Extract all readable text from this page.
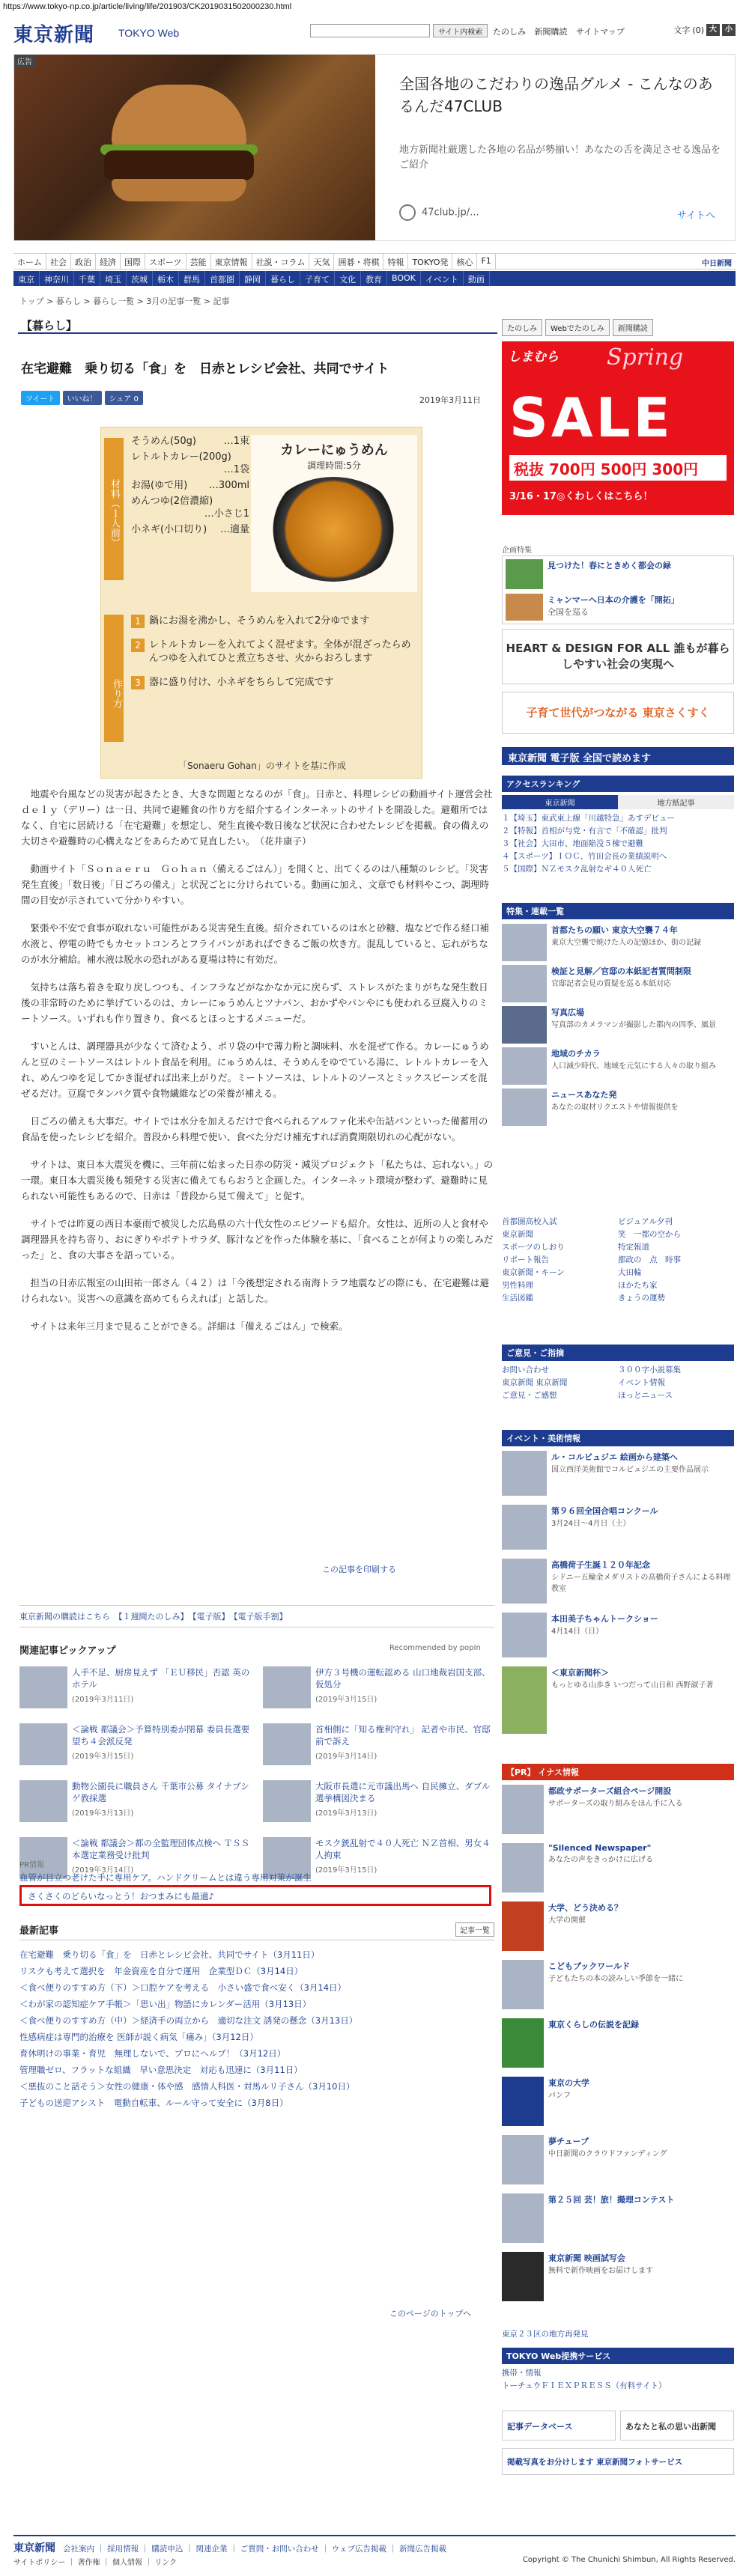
https://www.tokyo-np.co.jp/article/living/life/201903/CK2019031502000230.html
東京新聞 TOKYO Web	サイト内検索	たのしみ 新聞購読 サイトマップ	文字 (0) 大	小
広告
全国各地のこだわりの逸品グルメ - こんなのあるんだ47CLUB
地方新聞社厳選した各地の名品が勢揃い！あなたの舌を満足させる逸品をご紹介
47club.jp/...	サイトへ
ホーム	社会	政治	経済	国際	スポーツ	芸能	東京情報	社説・コラム	天気	囲碁・将棋	特報	TOKYO発	核心	F1	中日新聞
東京	神奈川	千葉	埼玉	茨城	栃木	群馬	首都圏	静岡	暮らし	子育て	文化	教育	BOOK	イベント	動画
トップ > 暮らし > 暮らし一覧 > 3月の記事一覧 > 記事
【暮らし】	たのしみ	Webでたのしみ	新聞購読
在宅避難　乗り切る「食」を　日赤とレシピ会社、共同でサイト
ツイート	いいね！	シェア 0	2019年3月11日
材料（１人前）
そうめん(50g)	…1束
レトルトカレー(200g)
…1袋
お湯(ゆで用) …300ml
めんつゆ(2倍濃縮)
…小さじ1
小ネギ(小口切り) …適量
カレーにゅうめん
調理時間:5分
作り方
1 鍋にお湯を沸かし、そうめんを入れて2分ゆでます
2 レトルトカレーを入れてよく混ぜます。全体が混ざったらめんつゆを入れてひと煮立ちさせ、火からおろします
3 器に盛り付け、小ネギをちらして完成です
「Sonaeru Gohan」のサイトを基に作成

地震や台風などの災害が起きたとき、大きな問題となるのが「食」。日赤と、料理レシピの動画サイト運営会社ｄｅｌｙ（デリー）は一日、共同で避難食の作り方を紹介するインターネットのサイトを開設した。避難所ではなく、自宅に居続ける「在宅避難」を想定し、発生直後や数日後など状況に合わせたレシピを掲載。食の備えの大切さや避難時の心構えなどをあらためて見直したい。　（花井康子）

動画サイト「Ｓｏｎａｅｒｕ　Ｇｏｈａｎ（備えるごはん）」を開くと、出てくるのは八種類のレシピ。「災害発生直後」「数日後」「日ごろの備え」と状況ごとに分けられている。動画に加え、文章でも材料やこつ、調理時間の目安が示されていて分かりやすい。

緊張や不安で食事が取れない可能性がある災害発生直後。紹介されているのは水と砂糖、塩などで作る経口補水液と、停電の時でもカセットコンろとフライパンがあればできるご飯の炊き方。混乱していると、忘れがちなのが水分補給。補水液は脱水の恐れがある夏場は特に有効だ。

気持ちは落ち着きを取り戻しつつも、インフラなどがなかなか元に戻らず、ストレスがたまりがちな発生数日後の非常時のために挙げているのは、カレーにゅうめんとツナパン、おかずやパンやにも使われる豆腐入りのミートソース。いずれも作り置きり、食べるとほっとするメニューだ。

すいとんは、調理器具が少なくて済むよう、ポリ袋の中で薄力粉と調味料、水を混ぜて作る。カレーにゅうめんと豆のミートソースはレトルト食品を利用。にゅうめんは、そうめんをゆでている湯に、レトルトカレーを入れ、めんつゆを足してかき混ぜれば出来上がりだ。ミートソースは、レトルトのソースとミックスビーンズを混ぜるだけ。豆腐でタンパク質や食物繊維などの栄養が補える。

日ごろの備えも大事だ。サイトでは水分を加えるだけで食べられるアルファ化米や缶詰パンといった備蓄用の食品を使ったレシピを紹介。普段から料理で使い、食べた分だけ補充すれば消費期限切れの心配がない。

サイトは、東日本大震災を機に、三年前に始まった日赤の防災・減災プロジェクト「私たちは、忘れない。」の一環。東日本大震災後も頻発する災害に備えてもらおうと企画した。インターネット環境が整わず、避難時に見られない可能性もあるので、日赤は「普段から見て備えて」と促す。

サイトでは昨夏の西日本豪雨で被災した広島県の六十代女性のエピソードも紹介。女性は、近所の人と食材や調理器具を持ち寄り、おにぎりやポテトサラダ、豚汁などを作った体験を基に、「食べることが何よりの楽しみだった」と、食の大事さを語っている。

担当の日赤広報室の山田祐一郎さん（４２）は「今後想定される南海トラフ地震などの際にも、在宅避難は避けられない。災害への意識を高めてもらえれば」と話した。

サイトは来年三月まで見ることができる。詳細は「備えるごはん」で検索。

この記事を印刷する
東京新聞の購読はこちら　【１週間たのしみ】　【電子版】　【電子版手割】
関連記事ピックアップ	Recommended by popIn
人手不足、厨房見えず 「ＥＵ移民」否認 英のホテル
(2019年3月11日)
伊方３号機の運転認める 山口地裁岩国支部、仮処分
(2019年3月15日)
＜論戦 都議会＞予算特別委が閉幕 委員長選要望ち４会派反発
(2019年3月15日)
首相側に「知る権利守れ」 記者や市民、官邸前で訴え
(2019年3月14日)
動物公園長に職員さん 千葉市公募 タイナプシゲ教採選
(2019年3月13日)
大阪市長選に元市議出馬へ 自民擁立、ダブル選挙構図決まる
(2019年3月13日)
＜論戦 都議会＞都の全監理団体点検へ ＴＳＳ本選定業務受け批判
(2019年3月14日)
モスク銃乱射で４０人死亡 ＮＺ首相、男女４人拘束
(2019年3月15日)
PR情報
血管が目立つ老けた手に専用ケア。ハンドクリームとは違う専用対策が誕生
さくさくのどらいなっとう！おつまみにも最適♪
最新記事	記事一覧
在宅避難　乗り切る「食」を　日赤とレシピ会社、共同でサイト（3月11日）
リスクも考えて選択を　年金資産を自分で運用　企業型ＤＣ（3月14日）
＜食べ便りのすすめ方（下）＞口腔ケアを考える　小さい盛で食べ安く（3月14日）
＜わが家の認知症ケア手帳＞「思い出」物語にカレンダー活用（3月13日）
＜食べ便りのすすめ方（中）＞経済手の両立から　適切な注文 誘発の懸念（3月13日）
性感病症は専門的治療を 医師が説く病気「痛み」（3月12日）
育休明けの事業・育児　無理しないで、プロにヘルプ！（3月12日）
管理職ゼロ、フラットな組織　早い意思決定　対応も迅速に（3月11日）
＜悪抜のこと話そう＞女性の健康・体や感　感情人科医・対馬ルリ子さん（3月10日）
子どもの送迎アシスト　電動自転車、ルール守って安全に（3月8日）
このページのトップへ
しまむら Spring
SALE
税抜 700円 500円 300円
3/16・17◎くわしくはこちら！
企画特集
見つけた！春にときめく都会の緑
ミャンマーへ日本の介護を「開拓」
全国を巡る
HEART & DESIGN FOR ALL 誰もが暮らしやすい社会の実現へ
子育て世代がつながる 東京さくすく
東京新聞 電子版 全国で読めます
アクセスランキング
東京新聞	地方紙記事
１【埼玉】東武東上線「川越特急」あすデビュー
２【特報】首相が与党・有言で「不確認」批判
３【社会】大田市、地面陥没５棟で避難
４【スポーツ】ＩＯＣ、竹田会長の業績説明へ
５【国際】ＮＺモスク乱射なギ４０人死亡
特集・連載一覧
首都たちの願い 東京大空襲７４年
東京大空襲で焼けた人の記憶ほか、街の記録
検証と見解／官邸の本紙記者質問制限
官邸記者会見の質疑を巡る本紙対応
写真広場
写真部のカメラマンが撮影した都内の四季、風景
地域のチカラ
人口減少時代、地域を元気にする人々の取り組み
ニュースあなた発
あなたの取材リクエストや情報提供を
首都圏高校入試
東京新聞
スポーツのしおり
リポート報告
東京新聞・キーン
男性料理
生活図鑑
ビジュアル夕刊
笑　一都の空から
特定報道
都政の　点　時事
大田輪
ほかたち家
きょうの運勢
ご意見・ご指摘
お問い合わせ	３００字小説募集
東京新聞 東京新聞	イベント情報
ご意見・ご感想	ほっとニュース
イベント・美術情報
ル・コルビュジエ 絵画から建築へ
国立西洋美術館でコルビュジエの主要作品展示
第９６回全国合唱コンクール
3月24日〜4月日（土）
高橋荷子生誕１２０年記念
シドニー五輪金メダリストの高橋荷子さんによる料理教室
本田美子ちゃんトークショー
4月14日（日）
＜東京新聞杯＞
もっとゆる山歩き いつだって山日和 西野淑子著
【PR】 イナス情報
都政サポーターズ組合ページ開設
サポーターズの取り組みをほん手に入る
"Silenced Newspaper"
あなたの声をきっかけに広げる
大学、どう決める？
大学の開催
こどもブックワールド
子どもたちの本の読みしい季節を一緒に
東京くらしの伝説を記録
東京の大学
パンフ
夢チューブ
中日新聞のクラウドファンディング
第２５回 芸！旅！撮理コンテスト
東京新聞 映画試写会
無料で新作映画をお届けします
東京２３区の地方再発見
TOKYO Web提携サービス
携帯・情報
トーチュウＦＩＥＸＰＲＥＳＳ（有料サイト）
記事データベース	あなたと私の思い出新聞
掲載写真をお分けします 東京新聞フォトサービス
東京新聞 会社案内 ｜ 採用情報 ｜ 購読申込 ｜ 関連企業 ｜ ご質問・お問い合わせ ｜ ウェブ広告掲載 ｜ 新聞広告掲載
サイトポリシー ｜ 著作権 ｜ 個人情報 ｜ リンク	Copyright © The Chunichi Shimbun, All Rights Reserved.
